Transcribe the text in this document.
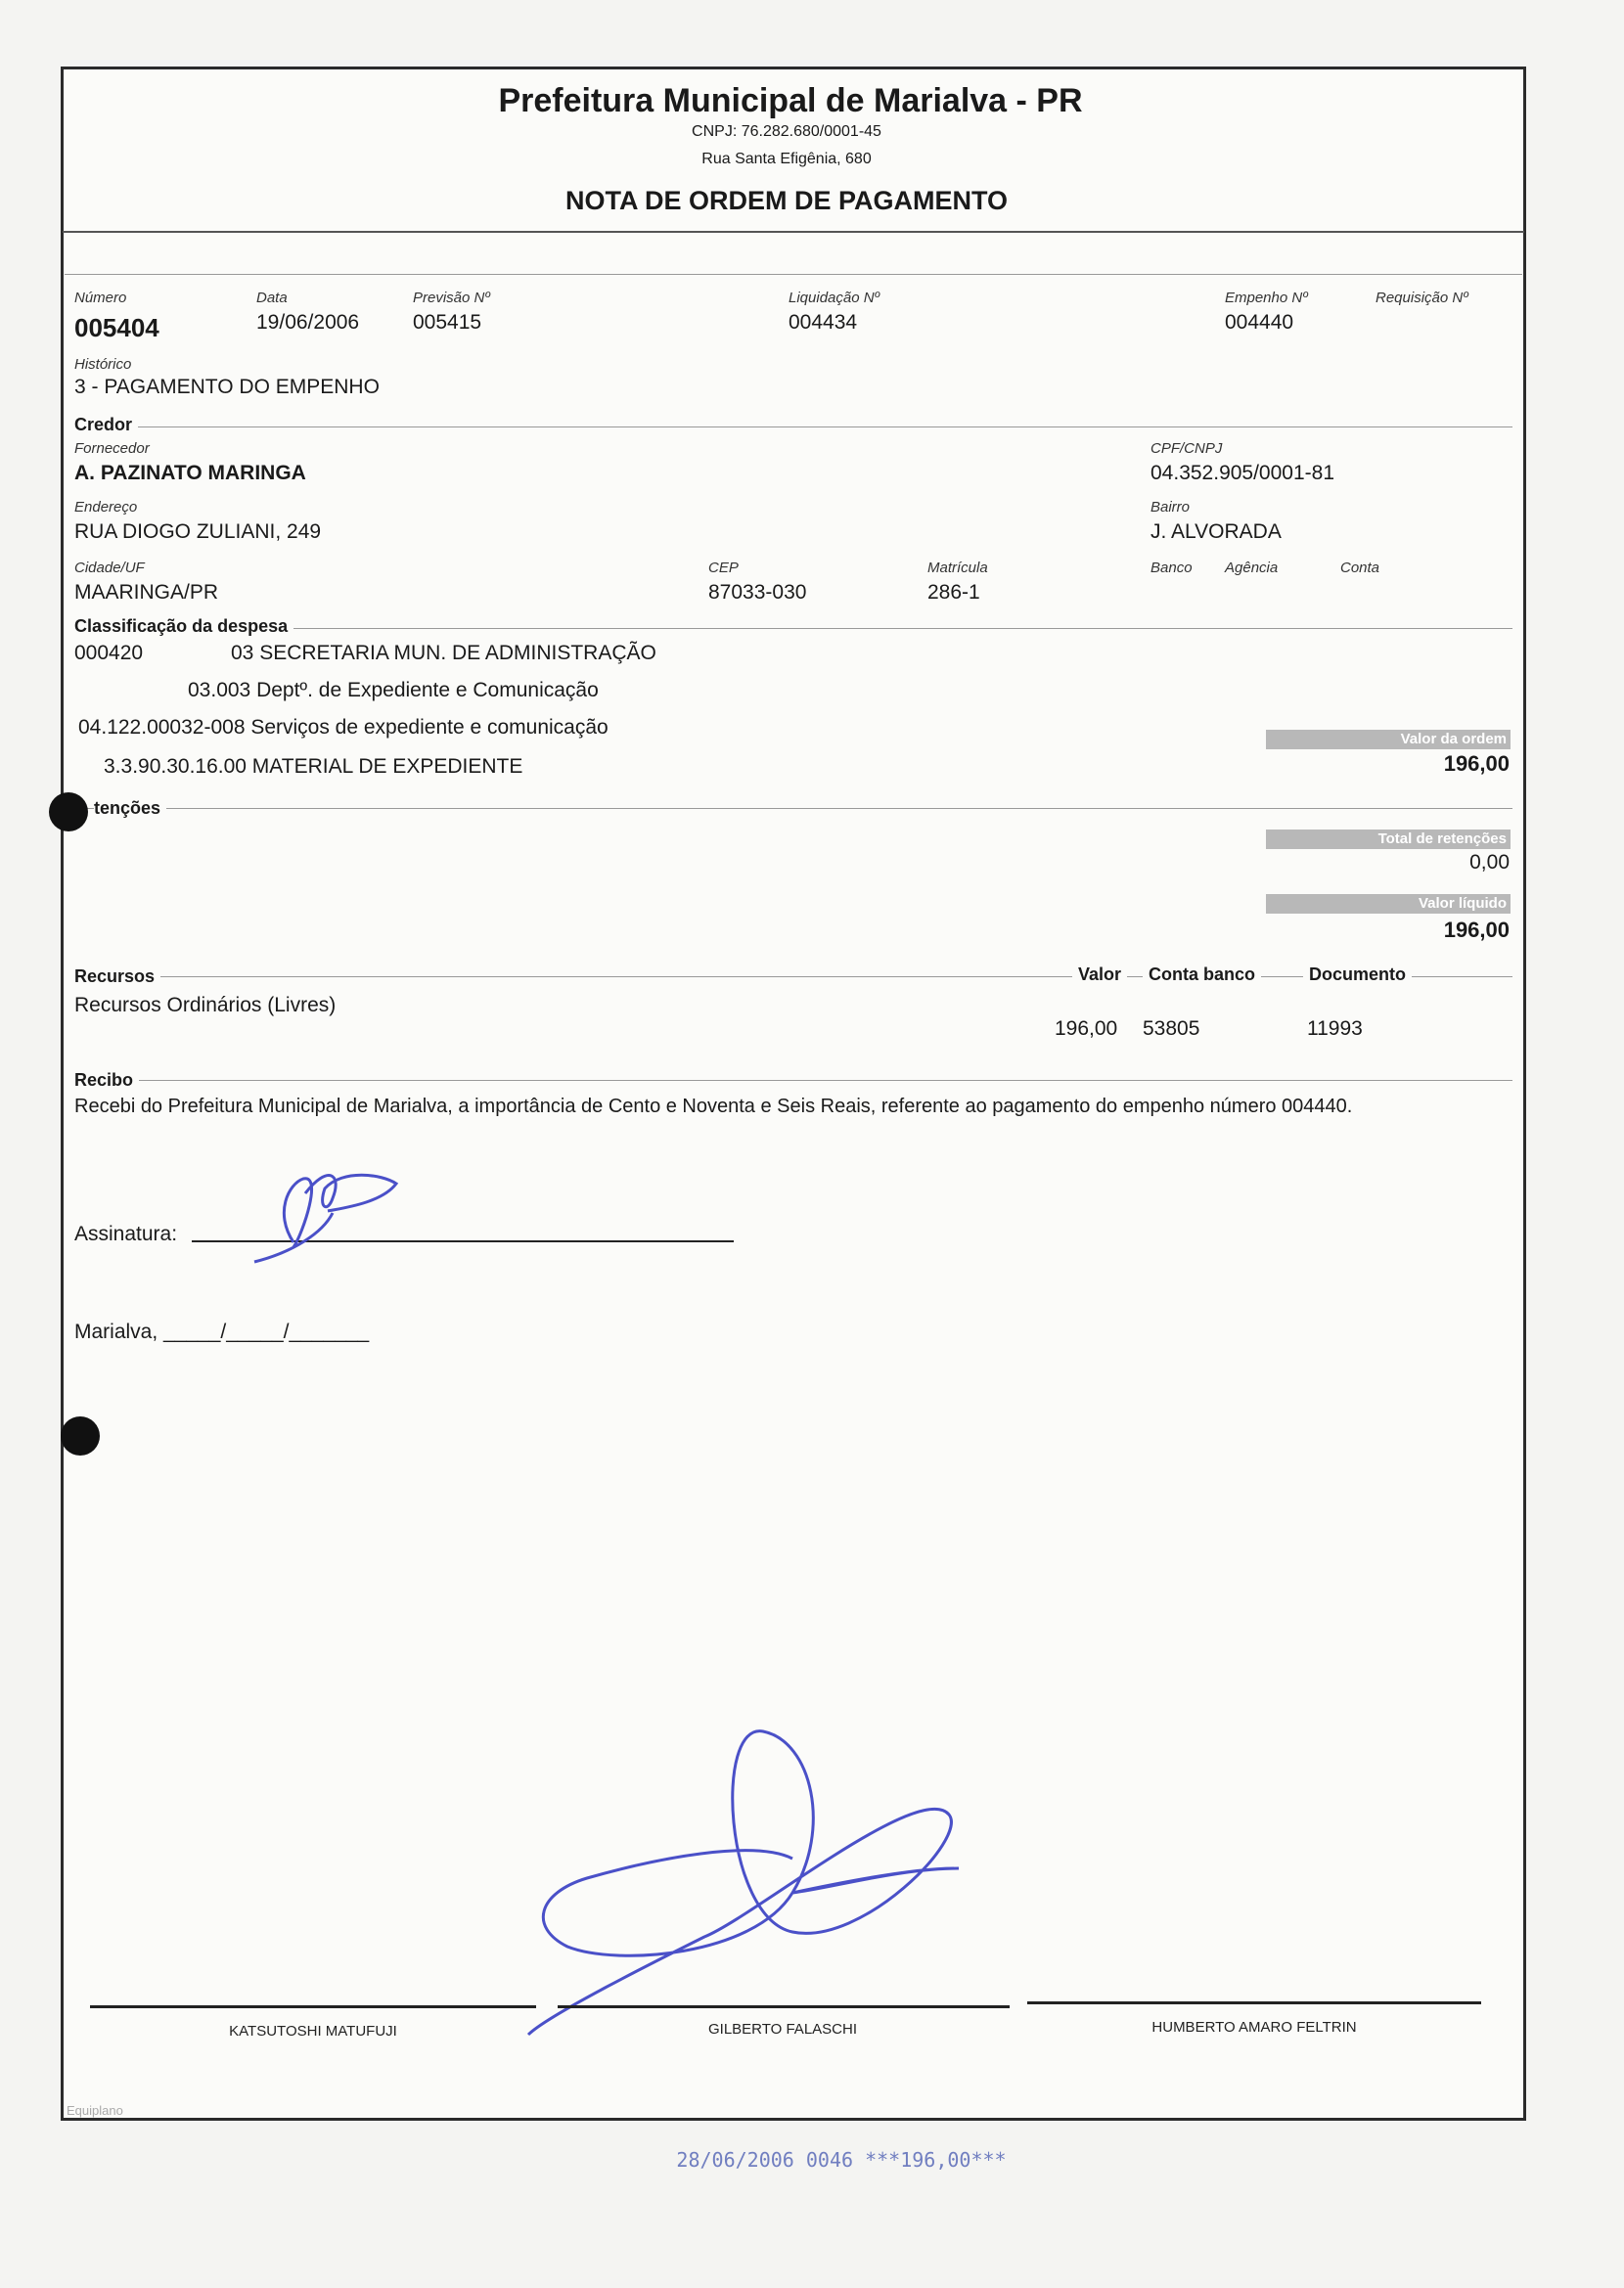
Prefeitura Municipal de Marialva - PR
CNPJ: 76.282.680/0001-45
Rua Santa Efigênia, 680
NOTA DE ORDEM DE PAGAMENTO
Número
005404
Data
19/06/2006
Previsão Nº
005415
Liquidação Nº
004434
Empenho Nº
004440
Requisição Nº
Histórico
3 - PAGAMENTO DO EMPENHO
Credor
Fornecedor
A. PAZINATO MARINGA
CPF/CNPJ
04.352.905/0001-81
Endereço
RUA DIOGO ZULIANI, 249
Bairro
J. ALVORADA
Cidade/UF
MAARINGA/PR
CEP
87033-030
Matrícula
286-1
Banco Agência	Conta
Classificação da despesa
000420	03 SECRETARIA MUN. DE ADMINISTRAÇÃO
03.003 Deptº. de Expediente e Comunicação
04.122.00032-008 Serviços de expediente e comunicação
3.3.90.30.16.00 MATERIAL DE EXPEDIENTE
Valor da ordem
196,00
tenções
Total de retenções
0,00
Valor líquido
196,00
Recursos	Valor	Conta banco	Documento
Recursos Ordinários (Livres)
196,00 53805	11993
Recibo
Recebi do Prefeitura Municipal de Marialva, a importância de Cento e Noventa e Seis Reais, referente ao pagamento do empenho número 004440.
Assinatura:
Marialva, _____/_____/_______
KATSUTOSHI MATUFUJI	GILBERTO FALASCHI	HUMBERTO AMARO FELTRIN
Equiplano
28/06/2006 0046 ***196,00***
